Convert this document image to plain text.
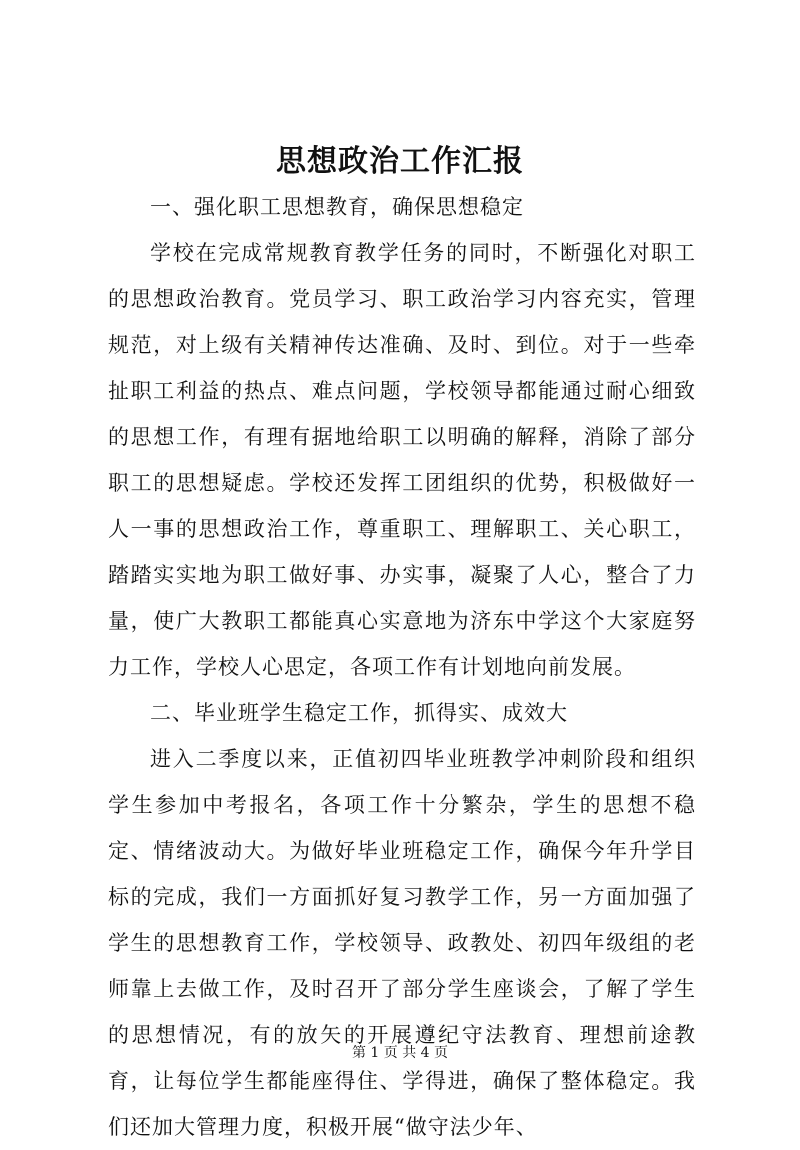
思想政治工作汇报

一、强化职工思想教育，确保思想稳定

学校在完成常规教育教学任务的同时，不断强化对职工的思想政治教育。党员学习、职工政治学习内容充实，管理规范，对上级有关精神传达准确、及时、到位。对于一些牵扯职工利益的热点、难点问题，学校领导都能通过耐心细致的思想工作，有理有据地给职工以明确的解释，消除了部分职工的思想疑虑。学校还发挥工团组织的优势，积极做好一人一事的思想政治工作，尊重职工、理解职工、关心职工，踏踏实实地为职工做好事、办实事，凝聚了人心，整合了力量，使广大教职工都能真心实意地为济东中学这个大家庭努力工作，学校人心思定，各项工作有计划地向前发展。

二、毕业班学生稳定工作，抓得实、成效大

进入二季度以来，正值初四毕业班教学冲刺阶段和组织学生参加中考报名，各项工作十分繁杂，学生的思想不稳定、情绪波动大。为做好毕业班稳定工作，确保今年升学目标的完成，我们一方面抓好复习教学工作，另一方面加强了学生的思想教育工作，学校领导、政教处、初四年级组的老师靠上去做工作，及时召开了部分学生座谈会，了解了学生的思想情况，有的放矢的开展遵纪守法教育、理想前途教育，让每位学生都能座得住、学得进，确保了整体稳定。我们还加大管理力度，积极开展“做守法少年、

第 1 页 共 4 页
